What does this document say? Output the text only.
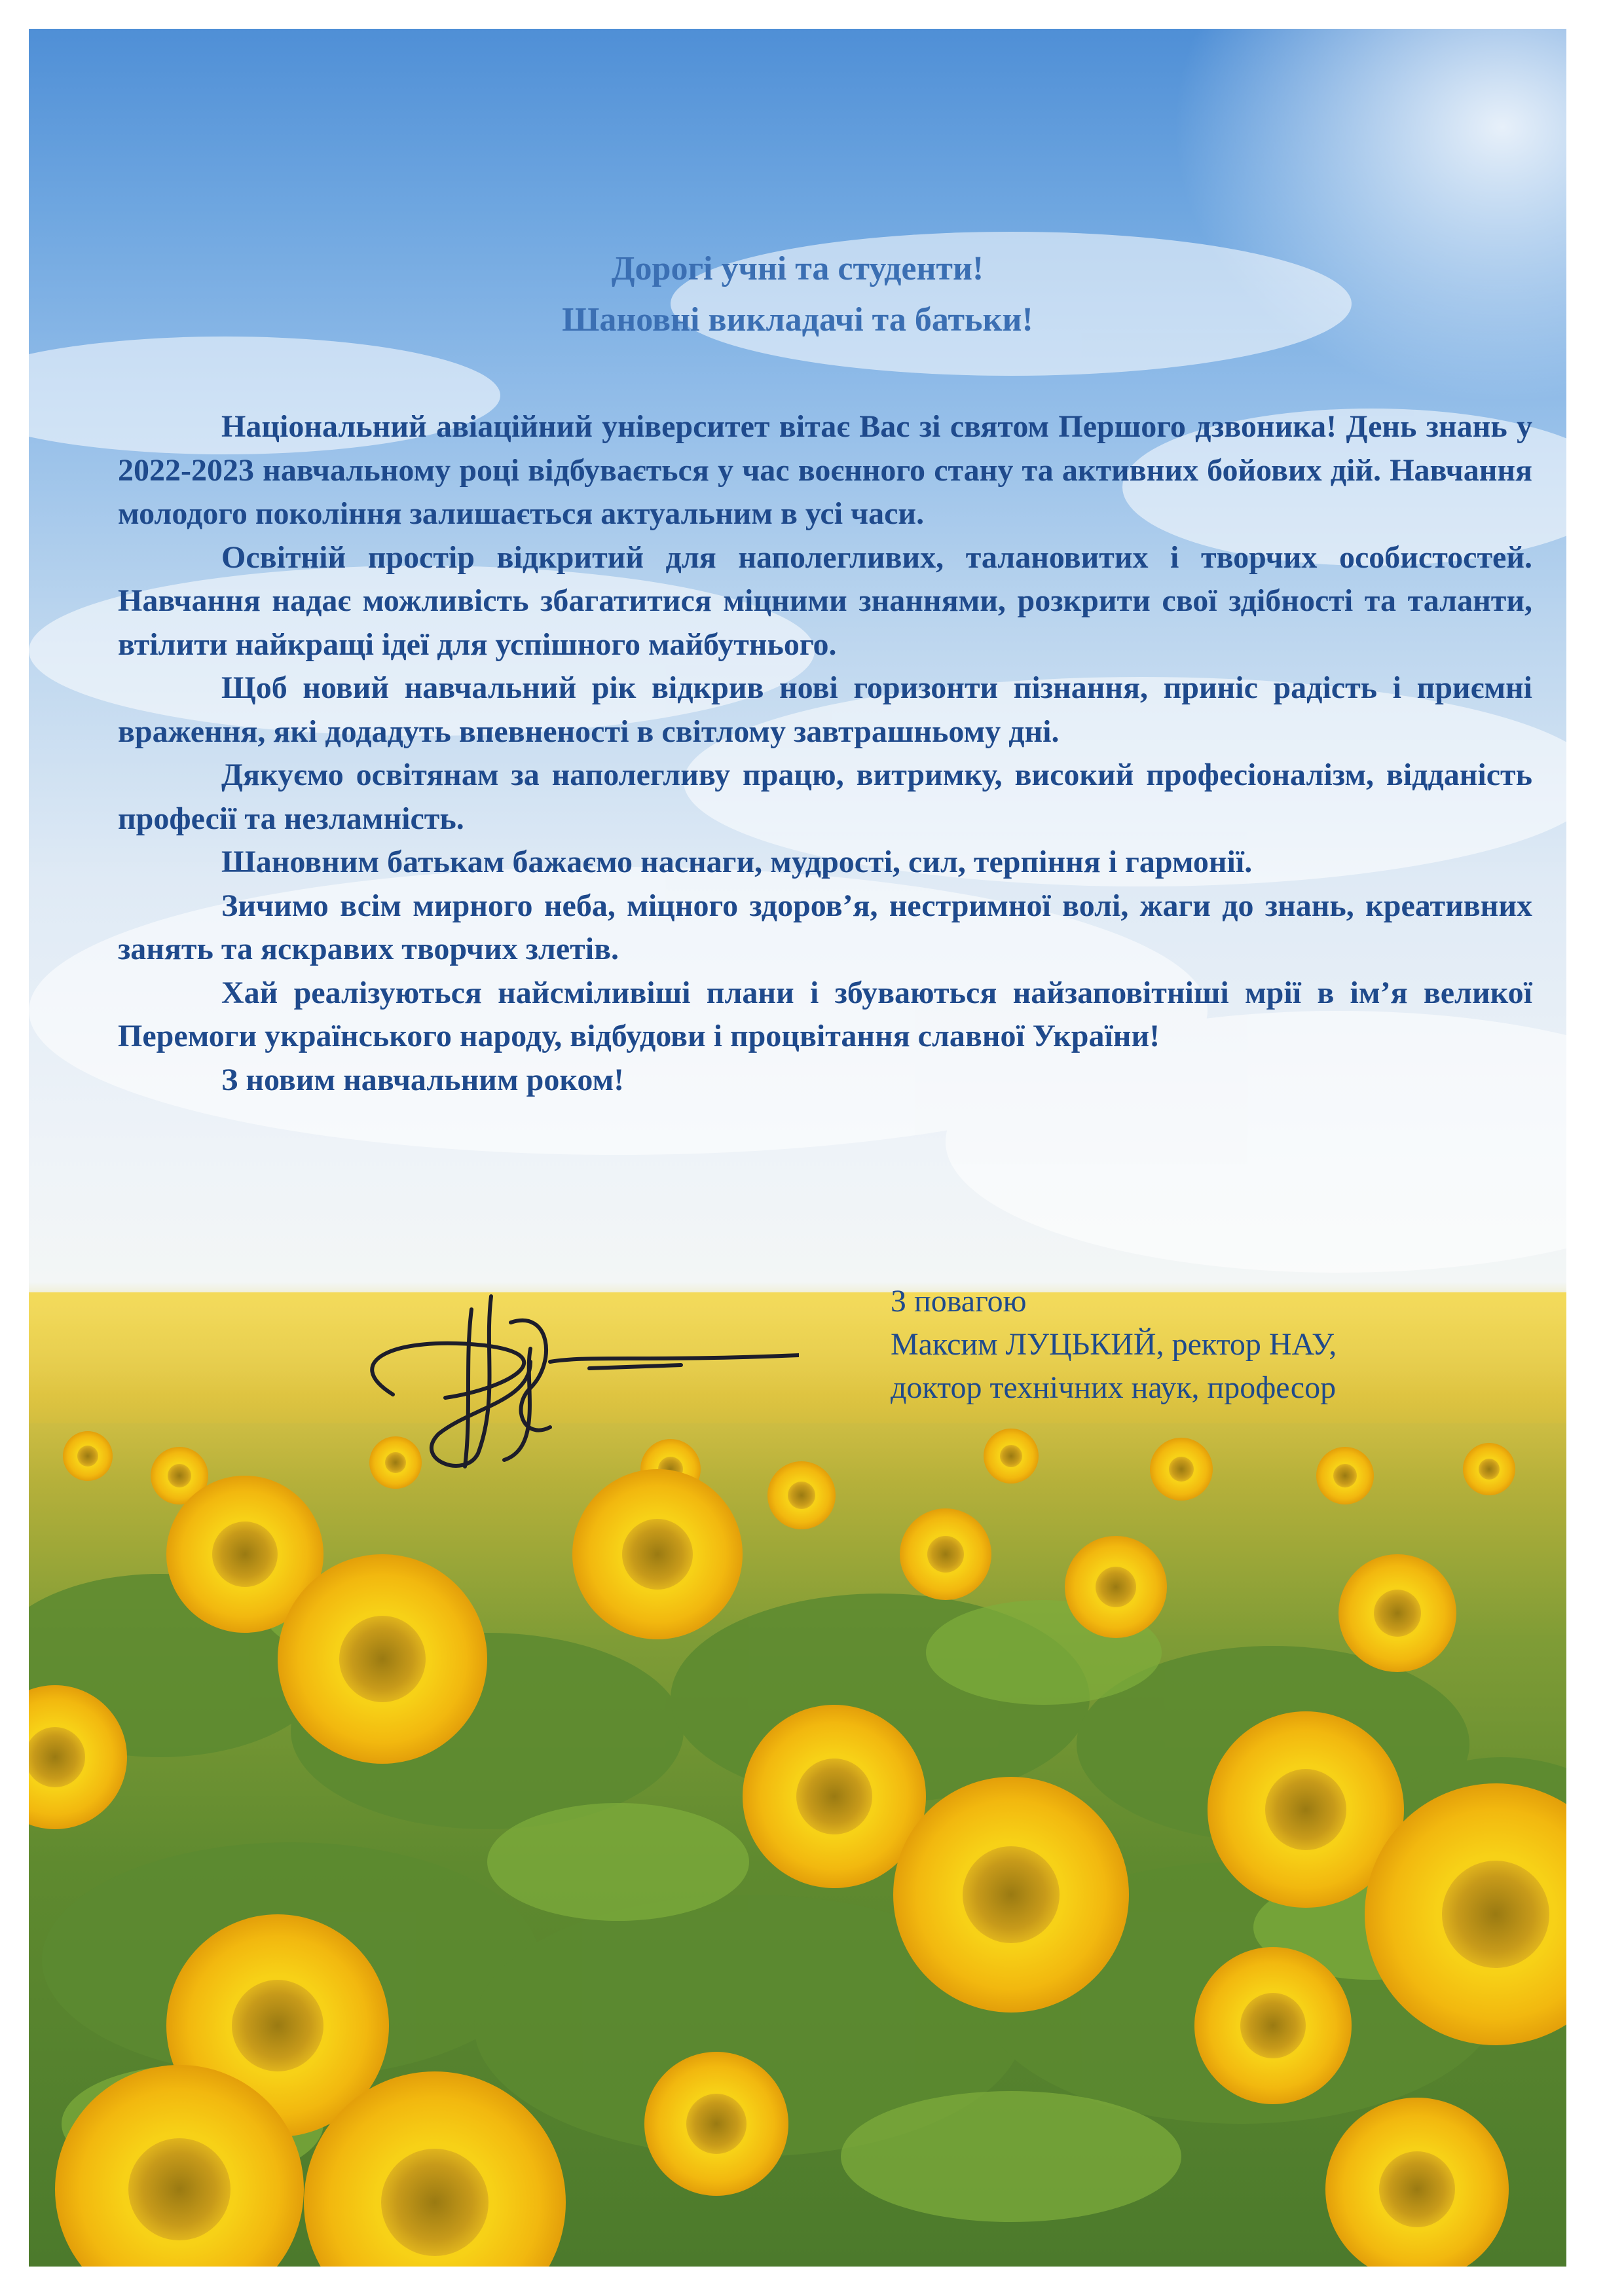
Дорогі учні та студенти!
Шановні викладачі та батьки!

Національний авіаційний університет вітає Вас зі святом Першого дзвоника! День знань у 2022-2023 навчальному році відбувається у час воєнного стану та активних бойових дій. Навчання молодого покоління залишається актуальним в усі часи.

Освітній простір відкритий для наполегливих, талановитих і творчих особистостей. Навчання надає можливість збагатитися міцними знаннями, розкрити свої здібності та таланти, втілити найкращі ідеї для успішного майбутнього.

Щоб новий навчальний рік відкрив нові горизонти пізнання, приніс радість і приємні враження, які додадуть впевненості в світлому завтрашньому дні.

Дякуємо освітянам за наполегливу працю, витримку, високий професіоналізм, відданість професії та незламність.

Шановним батькам бажаємо наснаги, мудрості, сил, терпіння і гармонії.

Зичимо всім мирного неба, міцного здоров’я, нестримної волі, жаги до знань, креативних занять та яскравих творчих злетів.

Хай реалізуються найсміливіші плани і збуваються найзаповітніші мрії в ім’я великої Перемоги українського народу, відбудови і процвітання славної України!

З новим навчальним роком!

З повагою
Максим ЛУЦЬКИЙ, ректор НАУ,
доктор технічних наук, професор
